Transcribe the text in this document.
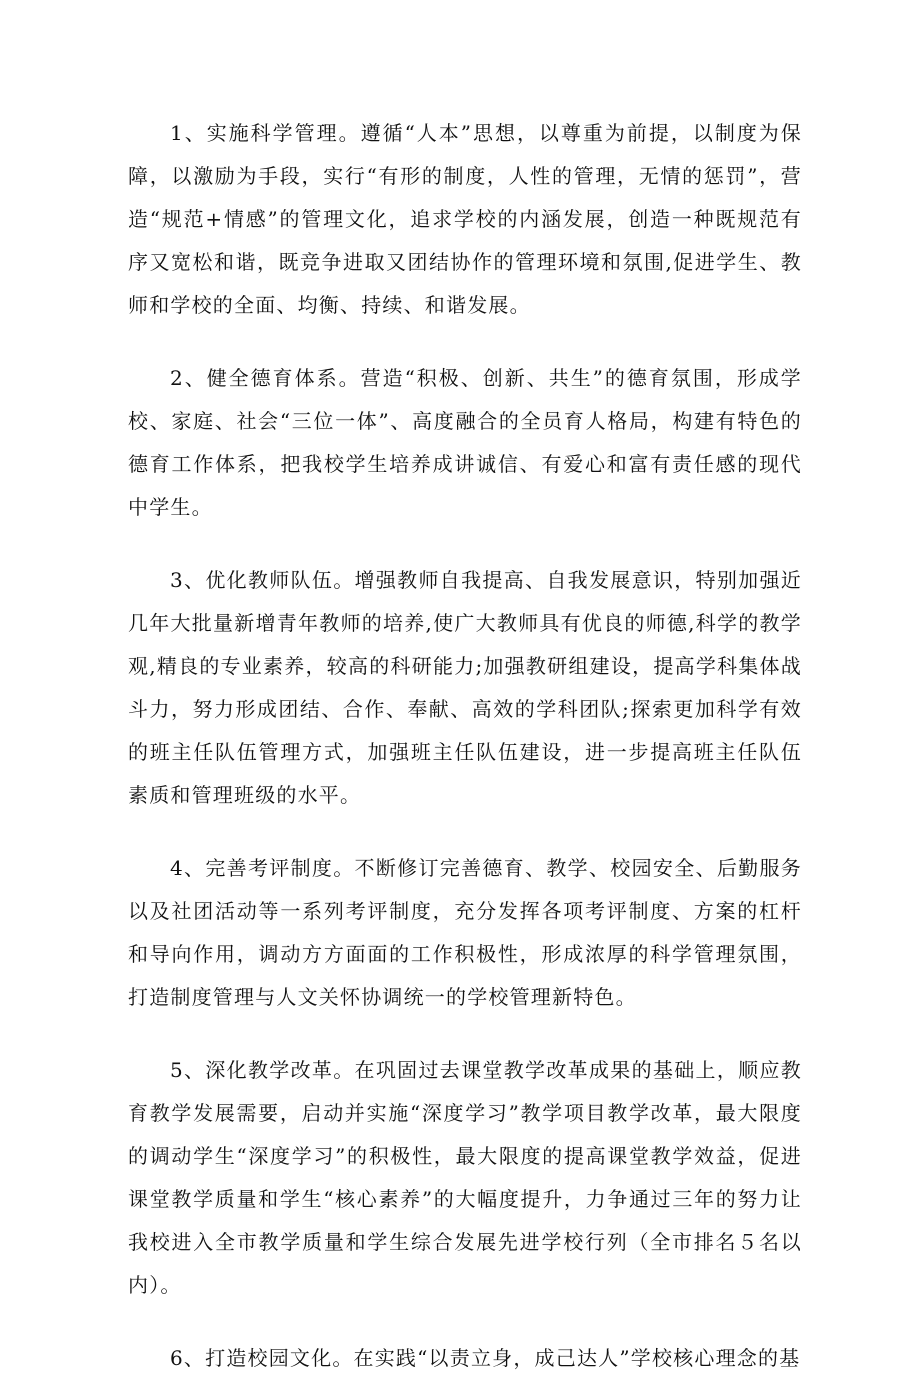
1、实施科学管理。遵循“人本”思想，以尊重为前提，以制度为保障，以激励为手段，实行“有形的制度，人性的管理，无情的惩罚”，营造“规范+情感”的管理文化，追求学校的内涵发展，创造一种既规范有序又宽松和谐，既竞争进取又团结协作的管理环境和氛围,促进学生、教师和学校的全面、均衡、持续、和谐发展。

2、健全德育体系。营造“积极、创新、共生”的德育氛围，形成学校、家庭、社会“三位一体”、高度融合的全员育人格局，构建有特色的德育工作体系，把我校学生培养成讲诚信、有爱心和富有责任感的现代中学生。

3、优化教师队伍。增强教师自我提高、自我发展意识，特别加强近几年大批量新增青年教师的培养,使广大教师具有优良的师德,科学的教学观,精良的专业素养，较高的科研能力;加强教研组建设，提高学科集体战斗力，努力形成团结、合作、奉献、高效的学科团队;探索更加科学有效的班主任队伍管理方式，加强班主任队伍建设，进一步提高班主任队伍素质和管理班级的水平。

4、完善考评制度。不断修订完善德育、教学、校园安全、后勤服务以及社团活动等一系列考评制度，充分发挥各项考评制度、方案的杠杆和导向作用，调动方方面面的工作积极性，形成浓厚的科学管理氛围，打造制度管理与人文关怀协调统一的学校管理新特色。

5、深化教学改革。在巩固过去课堂教学改革成果的基础上，顺应教育教学发展需要，启动并实施“深度学习”教学项目教学改革，最大限度的调动学生“深度学习”的积极性，最大限度的提高课堂教学效益，促进课堂教学质量和学生“核心素养”的大幅度提升，力争通过三年的努力让我校进入全市教学质量和学生综合发展先进学校行列（全市排名５名以内）。

6、打造校园文化。在实践“以责立身，成己达人”学校核心理念的基
